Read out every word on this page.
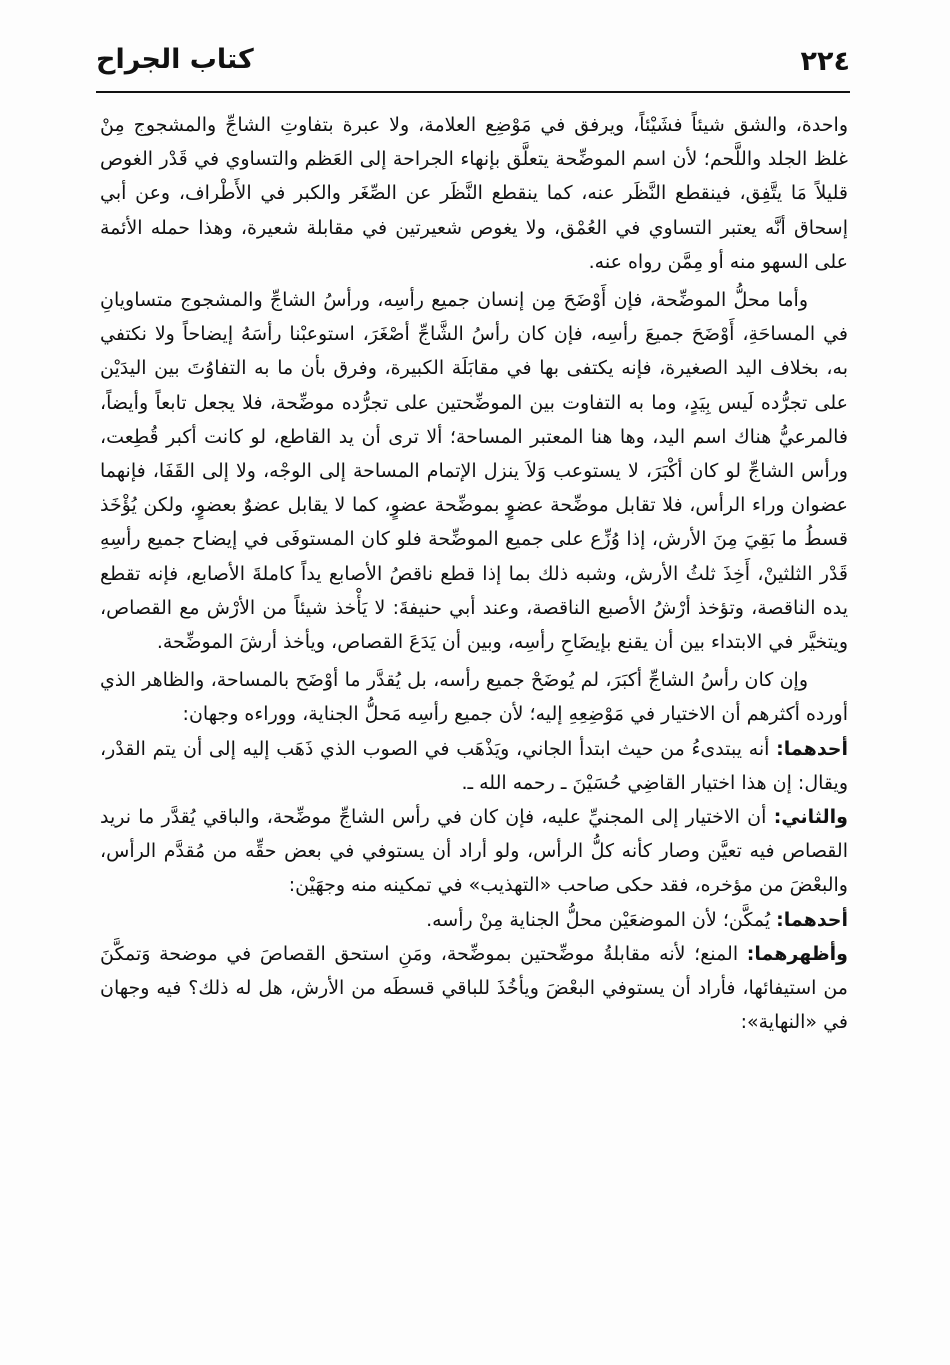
٢٢٤
كتاب الجراح

واحدة، والشق شيئاً فشَيْئاً، ويرفق في مَوْضِع العلامة، ولا عبرة بتفاوتِ الشاجِّ والمشجوج مِنْ غلظ الجلد واللَّحم؛ لأن اسم الموضِّحة يتعلَّق بإنهاء الجراحة إلى العَظم والتساوي في قَدْر الغوص قليلاً مَا يتَّفِق، فينقطع النَّظَر عنه، كما ينقطع النَّظَر عن الصِّغَر والكبر في الأَطْراف، وعن أبي إسحاق أنَّه يعتبر التساوي في العُمْق، ولا يغوص شعيرتين في مقابلة شعيرة، وهذا حمله الأئمة على السهو منه أو مِمَّن رواه عنه.

وأما محلُّ الموضِّحة، فإن أَوْضَحَ مِن إنسان جميع رأسِه، ورأسُ الشاجِّ والمشجوج متساويانِ في المساحَةِ، أَوْضَحَ جميعَ رأسِه، فإن كان رأسُ الشَّاجِّ أصْغَرَ، استوعبْنا رأسَهُ إيضاحاً ولا نكتفي به، بخلاف اليد الصغيرة، فإنه يكتفى بها في مقابَلَة الكبيرة، وفرق بأن ما به التفاوُتَ بين اليدَيْن على تجرُّده لَيس بِيَدٍ، وما به التفاوت بين الموضِّحتين على تجرُّده موضِّحة، فلا يجعل تابعاً وأيضاً، فالمرعيُّ هناك اسم اليد، وها هنا المعتبر المساحة؛ ألا ترى أن يد القاطع، لو كانت أكبر قُطِعت، ورأس الشاجِّ لو كان أكْبَرَ، لا يستوعب وَلاَ ينزل الإتمام المساحة إلى الوجْه، ولا إلى القَفَا، فإنهما عضوان وراء الرأس، فلا تقابل موضِّحة عضوٍ بموضِّحة عضوٍ، كما لا يقابل عضوٌ بعضوٍ، ولكن يُؤْخَذ قسطُ ما بَقِيَ مِنَ الأرش، إذا وُزِّع على جميع الموضِّحة فلو كان المستوفَى في إيضاح جميع رأسِهِ قَدْر الثلثينْ، أَخِذَ ثلثُ الأرش، وشبه ذلك بما إذا قطع ناقصُ الأصابع يداً كاملةَ الأصابع، فإنه تقطع يده الناقصة، وتؤخذ أرْشُ الأصبع الناقصة، وعند أبي حنيفةَ: لا يَأْخذ شيئاً من الأرْش مع القصاص، ويتخيَّر في الابتداء بين أن يقنع بإيضَاحِ رأسِه، وبين أن يَدَعَ القصاص، ويأخذ أرشَ الموضِّحة.

وإن كان رأسُ الشاجِّ أكبَرَ، لم يُوضَحْ جميع رأسه، بل يُقدَّر ما أوْضَح بالمساحة، والظاهر الذي أورده أكثرهم أن الاختيار في مَوْضِعِهِ إليه؛ لأن جميع رأسِه مَحلُّ الجناية، ووراءه وجهان:

أحدهما: أنه يبتدىءُ من حيث ابتدأ الجاني، ويَذْهَب في الصوب الذي ذَهَب إليه إلى أن يتم القدْر، ويقال: إن هذا اختيار القاضِي حُسَيْنَ ـ رحمه الله ـ.

والثاني: أن الاختيار إلى المجنيِّ عليه، فإن كان في رأس الشاجِّ موضِّحة، والباقي يُقدَّر ما نريد القصاص فيه تعيَّن وصار كأنه كلُّ الرأس، ولو أراد أن يستوفي في بعض حقِّه من مُقدَّم الرأس، والبعْضَ من مؤخره، فقد حكى صاحب «التهذيب» في تمكينه منه وجهَيْن:

أحدهما: يُمكَّن؛ لأن الموضعَيْن محلُّ الجناية مِنْ رأسه.

وأظهرهما: المنع؛ لأنه مقابلةُ موضِّحتين بموضِّحة، ومَنِ استحق القصاصَ في موضحة وَتمكَّنَ من استيفائها، فأراد أن يستوفي البعْضَ ويأخُذَ للباقي قسطَه من الأرش، هل له ذلك؟ فيه وجهان في «النهاية»:
